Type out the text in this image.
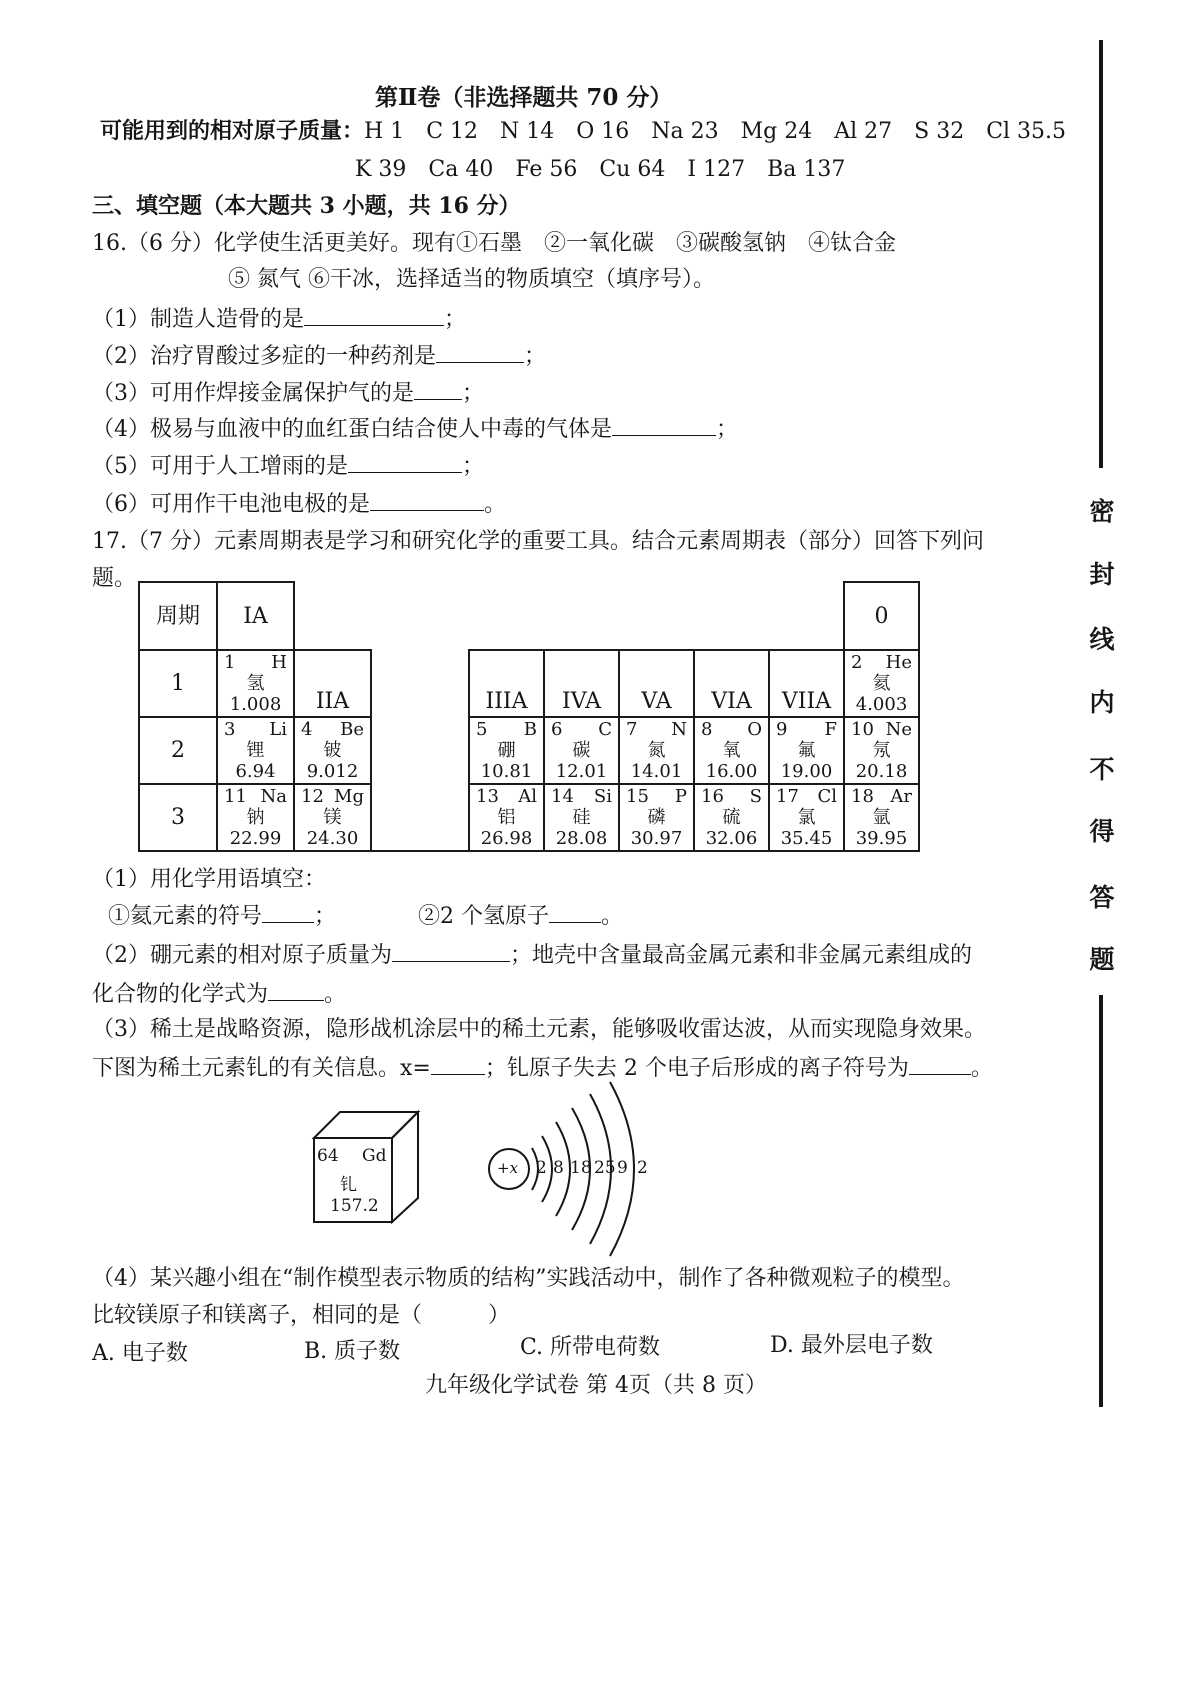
第Ⅱ卷（非选择题共 70 分）
可能用到的相对原子质量：H 1　C 12　N 14　O 16　Na 23　Mg 24　Al 27　S 32　Cl 35.5
K 39　Ca 40　Fe 56　Cu 64　I 127　Ba 137
三、填空题（本大题共 3 小题，共 16 分）
16.（6 分）化学使生活更美好。现有①石墨　②一氧化碳　③碳酸氢钠　④钛合金
⑤ 氮气 ⑥干冰，选择适当的物质填空（填序号）。
（1）制造人造骨的是	；
（2）治疗胃酸过多症的一种药剂是	；
（3）可用作焊接金属保护气的是 ；
（4）极易与血液中的血红蛋白结合使人中毒的气体是	；
（5）可用于人工增雨的是	；
（6）可用作干电池电极的是	。
17.（7 分）元素周期表是学习和研究化学的重要工具。结合元素周期表（部分）回答下列问
题。
周期	IA								0
1	1 H
氢
1.008	IIA		IIIA	IVA	VA	VIA	VIIA	2 He
氦
4.003

2	3 Li
锂
6.94	4 Be
铍
9.012		5 B
硼
10.81	6 C
碳
12.01	7 N
氮
14.01	8 O
氧
16.00	9 F
氟
19.00	10 Ne
氖
20.18

3	11 Na
钠
22.99	12 Mg
镁
24.30		13 Al
铝
26.98	14 Si
硅
28.08	15 P
磷
30.97	16 S
硫
32.06	17 Cl
氯
35.45	18 Ar
氩
39.95
（1）用化学用语填空：
①氦元素的符号 ；	②2 个氢原子 。
（2）硼元素的相对原子质量为	；地壳中含量最高金属元素和非金属元素组成的
化合物的化学式为	。
（3）稀土是战略资源，隐形战机涂层中的稀土元素，能够吸收雷达波，从而实现隐身效果。
下图为稀土元素钆的有关信息。x= ；钆原子失去 2 个电子后形成的离子符号为	。
64 Gd
钆
157.2
+x 2 8 18 25 9 2
（4）某兴趣小组在“制作模型表示物质的结构”实践活动中，制作了各种微观粒子的模型。
比较镁原子和镁离子，相同的是（　　　）
A. 电子数	B. 质子数	C. 所带电荷数	D. 最外层电子数
九年级化学试卷 第 4页（共 8 页）
密
封
线
内
不
得
答
题
